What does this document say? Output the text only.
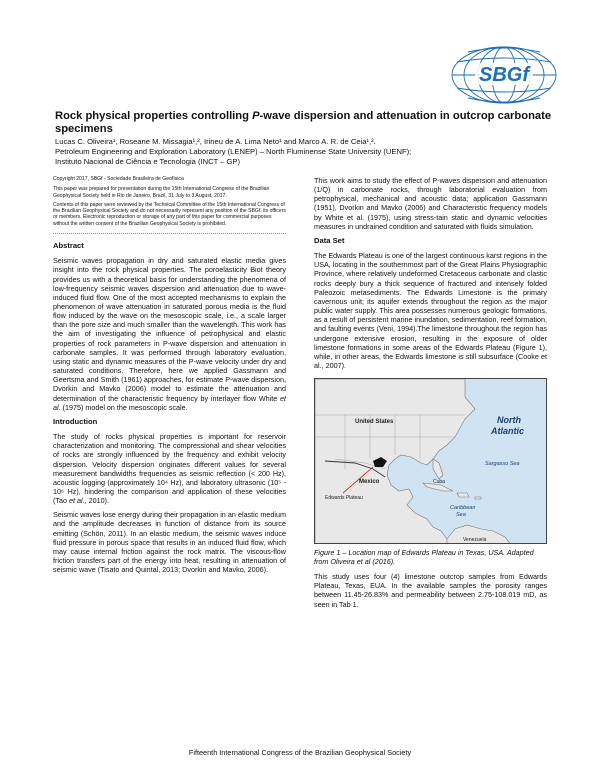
SBGf
Rock physical properties controlling P-wave dispersion and attenuation in outcrop carbonate specimens
Lucas C. Oliveira¹, Roseane M. Missagia¹,², Irineu de A. Lima Neto¹ and Marco A. R. de Ceia¹,².
Petroleum Engineering and Exploration Laboratory (LENEP) – North Fluminense State University (UENF);
Instituto Nacional de Ciência e Tecnologia (INCT – GP)
Copyright 2017, SBGf - Sociedade Brasileira de Geofísica
This paper was prepared for presentation during the 15th International Congress of the Brazilian Geophysical Society held in Rio de Janeiro, Brazil, 31 July to 3 August, 2017.
Contents of this paper were reviewed by the Technical Committee of the 15th International Congress of the Brazilian Geophysical Society and do not necessarily represent any position of the SBGf, its officers or members. Electronic reproduction or storage of any part of this paper for commercial purposes without the written consent of the Brazilian Geophysical Society is prohibited.
Abstract
Seismic waves propagation in dry and saturated elastic media gives insight into the rock physical properties. The poroelasticity Biot theory provides us with a theoretical basis for understanding the phenomena of low-frequency seismic waves dispersion and attenuation due to wave-induced fluid flow. One of the most accepted mechanisms to explain the phenomenon of wave attenuation in saturated porous media is the fluid flow induced by the wave on the mesoscopic scale, i.e., a scale larger than the pore size and much smaller than the wavelength. This work has the aim of investigating the influence of petrophysical and elastic properties of rock parameters in P-wave dispersion and attenuation in carbonate samples. It was performed through laboratory evaluation, using static and dynamic measures of the P-wave velocity under dry and saturated conditions. Therefore, here we applied Gassmann and Geertsma and Smith (1961) approaches, for estimate P-wave dispersion, Dvorkin and Mavko (2006) model to estimate the attenuation and determination of the characteristic frequency by interlayer flow White et al. (1975) model on the mesoscopic scale.
Introduction
The study of rocks physical properties is important for reservoir characterization and monitoring. The compressional and shear velocities of rocks are strongly influenced by the frequency and exhibit velocity dispersion. Velocity dispersion originates different values for several measurement bandwidths frequencies as seismic reflection (< 200 Hz), acoustic logging (approximately 10⁴ Hz), and laboratory ultrasonic (10⁵ - 10⁶ Hz), hindering the comparison and application of these velocities (Tao et al., 2010).
Seismic waves lose energy during their propagation in an elastic medium and the amplitude decreases in function of distance from its source emitting (Schön, 2011). In an elastic medium, the seismic waves induce fluid pressure in porous space that results in an induced fluid flow, which may cause internal friction against the rock matrix. The viscous-flow friction transfers part of the energy into heat, resulting in attenuation of seismic wave (Tisato and Quintal, 2013; Dvorkin and Mavko, 2006).
This work aims to study the effect of P-waves dispersion and attenuation (1/Q) in carbonate rocks, through laboratorial evaluation from petrophysical, mechanical and acoustic data; application Gassmann (1951), Dvorkin and Mavko (2006) and Characteristic frequency models by White et al. (1975), using stress-tain static and dynamic velocities measures in undrained condition and saturated with fluids simulation.
Data Set
The Edwards Plateau is one of the largest continuous karst regions in the USA, locating in the southernmost part of the Great Plains Physiographic Province, where relatively undeformed Cretaceous carbonate and clastic rocks deeply bury a thick sequence of fractured and intensely folded Paleozoic metasediments. The Edwards Limestone is the primary cavernous unit; its aquifer extends throughout the region as the major public water supply. This area possesses numerous geologic formations, as a result of persistent marine inundation, sedimentation, reef formation, and faulting events (Veni, 1994).The limestone throughout the region has undergone extensive erosion, resulting in the exposure of older limestone formations in some areas of the Edwards Plateau (Figure 1), while, in other areas, the Edwards limestone is still subsurface (Cooke et al., 2007).
United States	North
Atlantic
Sargasso Sea
Mexico
Edwards Plateau
Cuba
Caribbean
Sea
Venezuela
Figure 1 – Location map of Edwards Plateau in Texas, USA. Adapted from Oliveira et al (2016).
This study uses four (4) limestone outcrop samples from Edwards Plateau, Texas, EUA. In the available samples the porosity ranges between 11.45-26.83% and permeability between 2.75-108.019 mD, as seen in Tab 1.
Fifteenth International Congress of the Brazilian Geophysical Society
